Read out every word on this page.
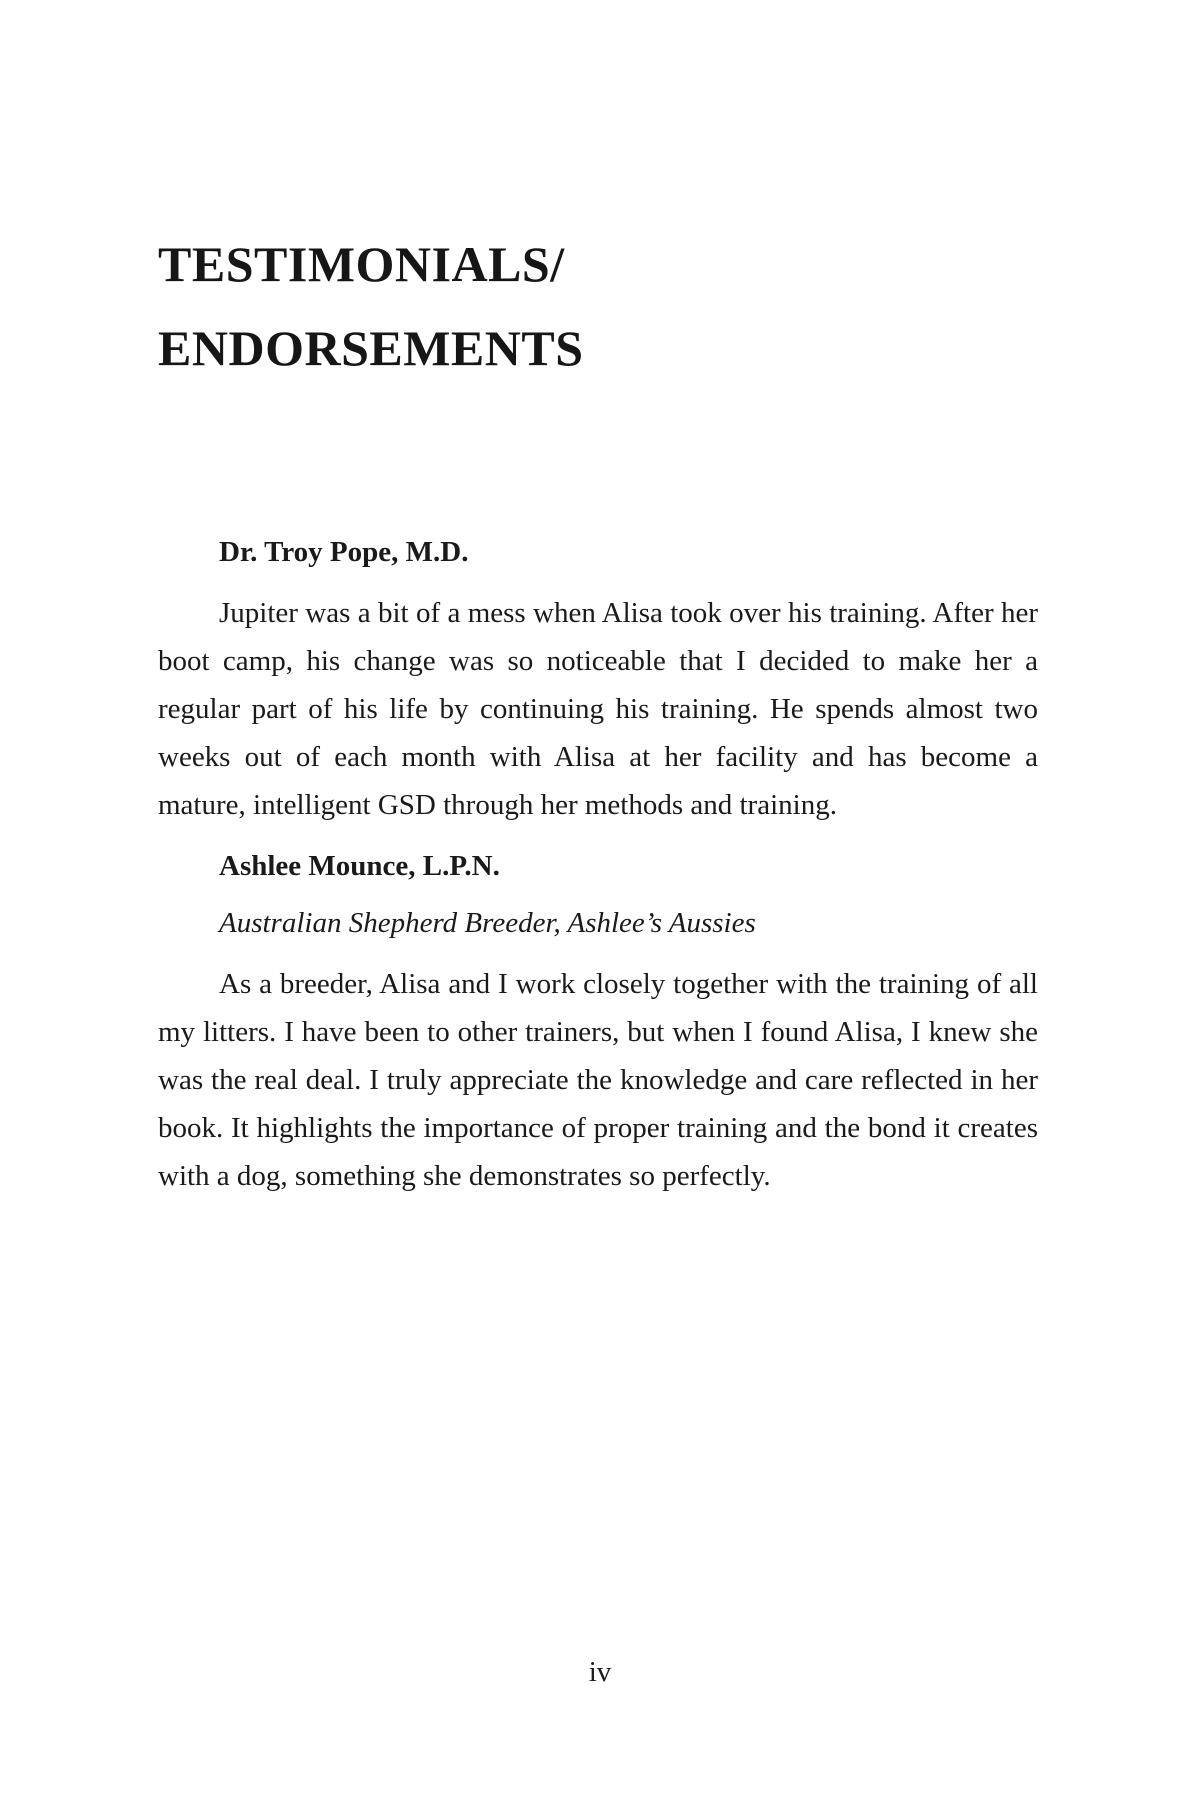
TESTIMONIALS/
ENDORSEMENTS

Dr. Troy Pope, M.D.

Jupiter was a bit of a mess when Alisa took over his training. After her boot camp, his change was so noticeable that I decided to make her a regular part of his life by continuing his training. He spends almost two weeks out of each month with Alisa at her facility and has become a mature, intelligent GSD through her methods and training.

Ashlee Mounce, L.P.N.

Australian Shepherd Breeder, Ashlee’s Aussies

As a breeder, Alisa and I work closely together with the training of all my litters. I have been to other trainers, but when I found Alisa, I knew she was the real deal. I truly appreciate the knowledge and care reflected in her book. It highlights the importance of proper training and the bond it creates with a dog, something she demonstrates so perfectly.

iv
